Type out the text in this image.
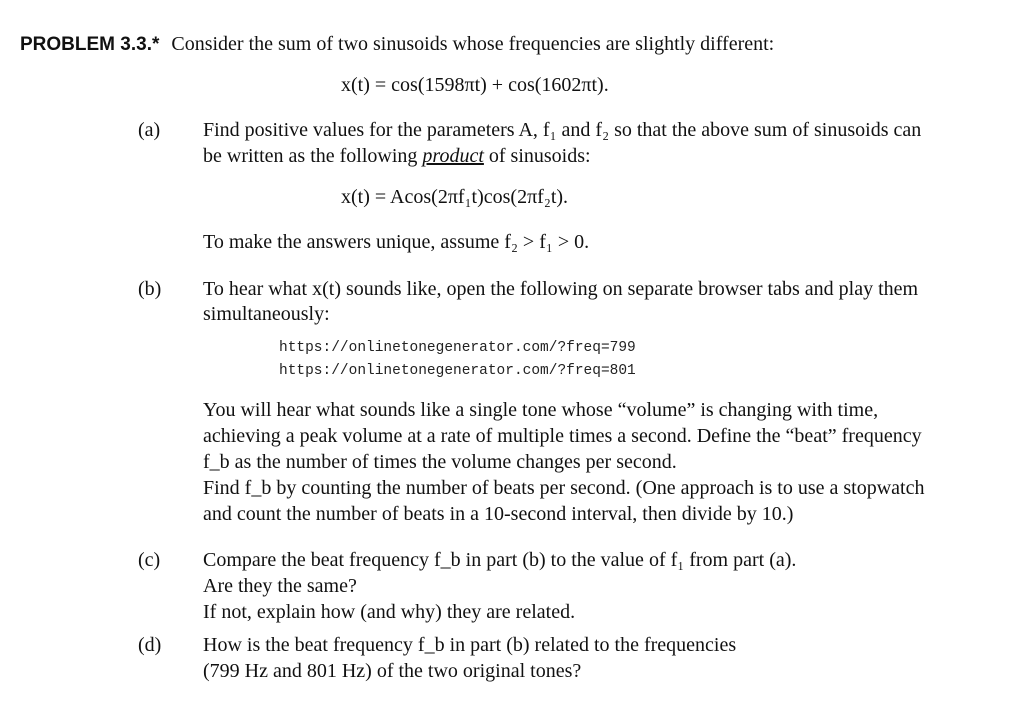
PROBLEM 3.3.* Consider the sum of two sinusoids whose frequencies are slightly different:
x(t) = cos(1598πt) + cos(1602πt).
(a) Find positive values for the parameters A, f₁ and f₂ so that the above sum of sinusoids can
be written as the following product of sinusoids:
x(t) = Acos(2πf₁t)cos(2πf₂t).
To make the answers unique, assume f₂ > f₁ > 0.
(b) To hear what x(t) sounds like, open the following on separate browser tabs and play them
simultaneously:
https://onlinetonegenerator.com/?freq=799
https://onlinetonegenerator.com/?freq=801
You will hear what sounds like a single tone whose “volume” is changing with time,
achieving a peak volume at a rate of multiple times a second. Define the “beat” frequency
f_b as the number of times the volume changes per second.
Find f_b by counting the number of beats per second. (One approach is to use a stopwatch
and count the number of beats in a 10-second interval, then divide by 10.)
(c) Compare the beat frequency f_b in part (b) to the value of f₁ from part (a).
Are they the same?
If not, explain how (and why) they are related.
(d) How is the beat frequency f_b in part (b) related to the frequencies
(799 Hz and 801 Hz) of the two original tones?
